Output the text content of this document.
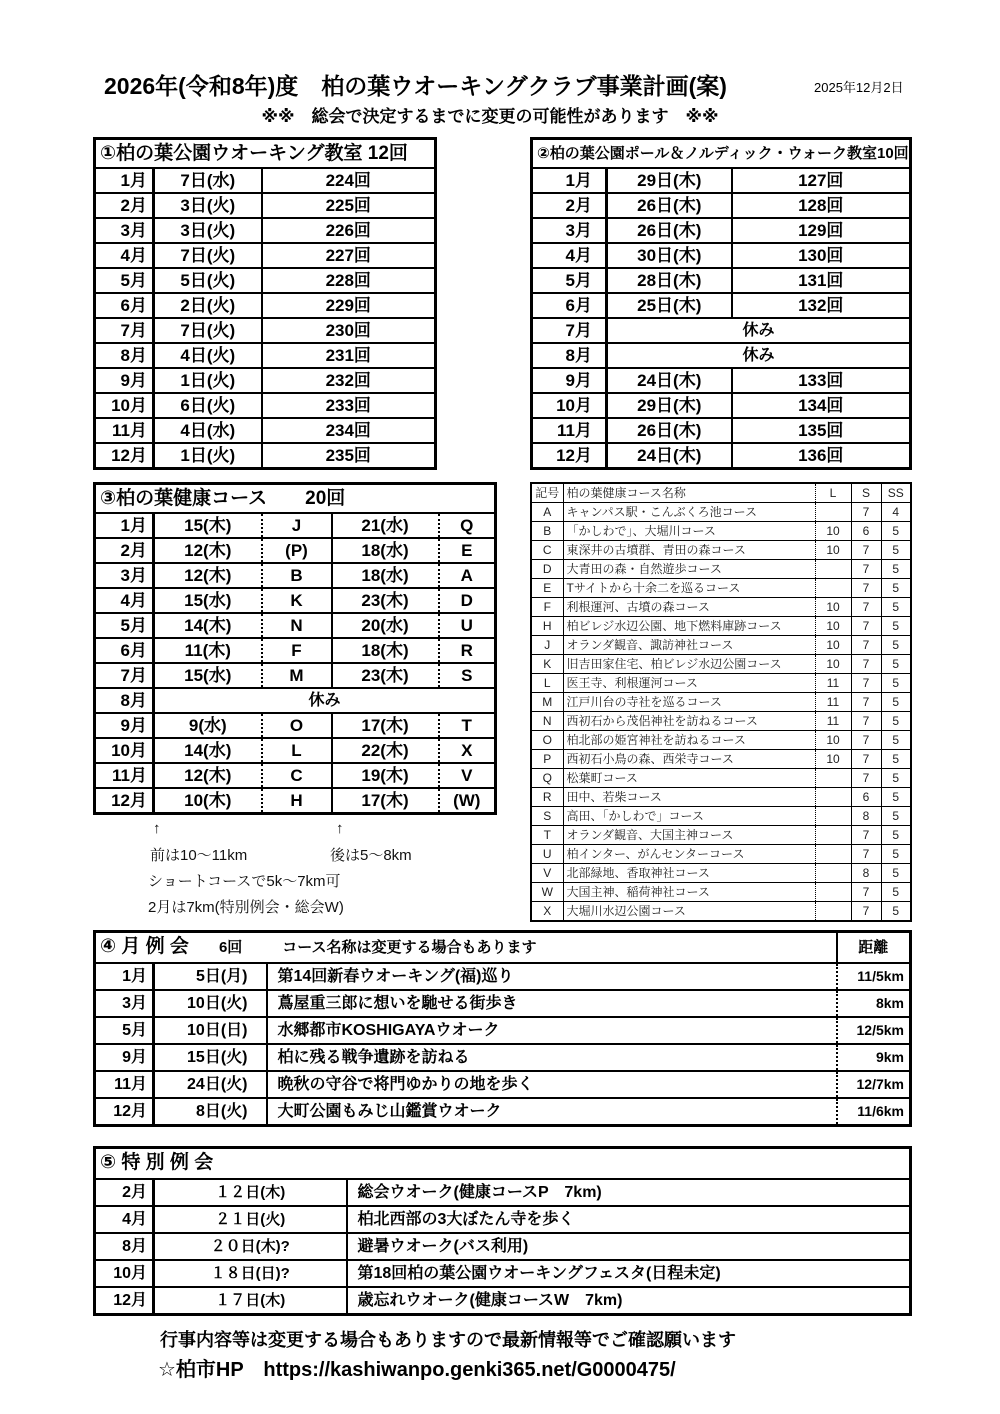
2026年(令和8年)度　柏の葉ウオーキングクラブ事業計画(案)	2025年12月2日
※※　総会で決定するまでに変更の可能性があります　※※
①柏の葉公園ウオーキング教室 12回		
1月	7日(水)	224回
2月	3日(火)	225回
3月	3日(火)	226回
4月	7日(火)	227回
5月	5日(火)	228回
6月	2日(火)	229回
7月	7日(火)	230回
8月	4日(火)	231回
9月	1日(火)	232回
10月	6日(火)	233回
11月	4日(水)	234回
12月	1日(火)	235回
②柏の葉公園ポール＆ノルディック・ウォーク教室10回		
1月	29日(木)	127回
2月	26日(木)	128回
3月	26日(木)	129回
4月	30日(木)	130回
5月	28日(木)	131回
6月	25日(木)	132回
7月	休み	
8月	休み	
9月	24日(木)	133回
10月	29日(木)	134回
11月	26日(木)	135回
12月	24日(木)	136回
③柏の葉健康コース 20回				
1月	15(木)	J	21(水)	Q
2月	12(木)	(P)	18(水)	E
3月	12(木)	B	18(水)	A
4月	15(水)	K	23(木)	D
5月	14(木)	N	20(水)	U
6月	11(木)	F	18(木)	R
7月	15(水)	M	23(木)	S
8月	休み			
9月	9(水)	O	17(木)	T
10月	14(水)	L	22(木)	X
11月	12(木)	C	19(木)	V
12月	10(木)	H	17(木)	(W)
記号	柏の葉健康コース名称	L	S	SS
A	キャンパス駅・こんぶくろ池コース		7	4
B	「かしわで」、大堀川コース	10	6	5
C	東深井の古墳群、青田の森コース	10	7	5
D	大青田の森・自然遊歩コース		7	5
E	Tサイトから十余二を巡るコース		7	5
F	利根運河、古墳の森コース	10	7	5
H	柏ビレジ水辺公園、地下燃料庫跡コース	10	7	5
J	オランダ観音、諏訪神社コース	10	7	5
K	旧吉田家住宅、柏ビレジ水辺公園コース	10	7	5
L	医王寺、利根運河コース	11	7	5
M	江戸川台の寺社を巡るコース	11	7	5
N	西初石から茂侶神社を訪ねるコース	11	7	5
O	柏北部の姫宮神社を訪ねるコース	10	7	5
P	西初石小鳥の森、西栄寺コース	10	7	5
Q	松葉町コース		7	5
R	田中、若柴コース		6	5
S	高田、「かしわで」コース		8	5
T	オランダ観音、大国主神コース		7	5
U	柏インター、がんセンターコース		7	5
V	北部緑地、香取神社コース		8	5
W	大国主神、稲荷神社コース		7	5
X	大堀川水辺公園コース		7	5
↑	↑
前は10～11km	後は5～8km
ショートコースで5k～7km可
2月は7km(特別例会・総会W)
④ 月 例 会 6回 コース名称は変更する場合もあります			距離
1月	5日(月)	第14回新春ウオーキング(福)巡り	11/5km
3月	10日(火)	蔦屋重三郎に想いを馳せる街歩き	8km
5月	10日(日)	水郷都市KOSHIGAYAウオーク	12/5km
9月	15日(火)	柏に残る戦争遺跡を訪ねる	9km
11月	24日(火)	晩秋の守谷で将門ゆかりの地を歩く	12/7km
12月	8日(火)	大町公園もみじ山鑑賞ウオーク	11/6km
⑤ 特 別 例 会		
2月	１２日(木)	総会ウオーク(健康コースP　7km)
4月	２１日(火)	柏北西部の3大ぼたん寺を歩く
8月	２０日(木)?	避暑ウオーク(バス利用)
10月	１８日(日)?	第18回柏の葉公園ウオーキングフェスタ(日程未定)
12月	１７日(木)	歳忘れウオーク(健康コースW　7km)
行事内容等は変更する場合もありますので最新情報等でご確認願います
☆柏市HP　https://kashiwanpo.genki365.net/G0000475/
